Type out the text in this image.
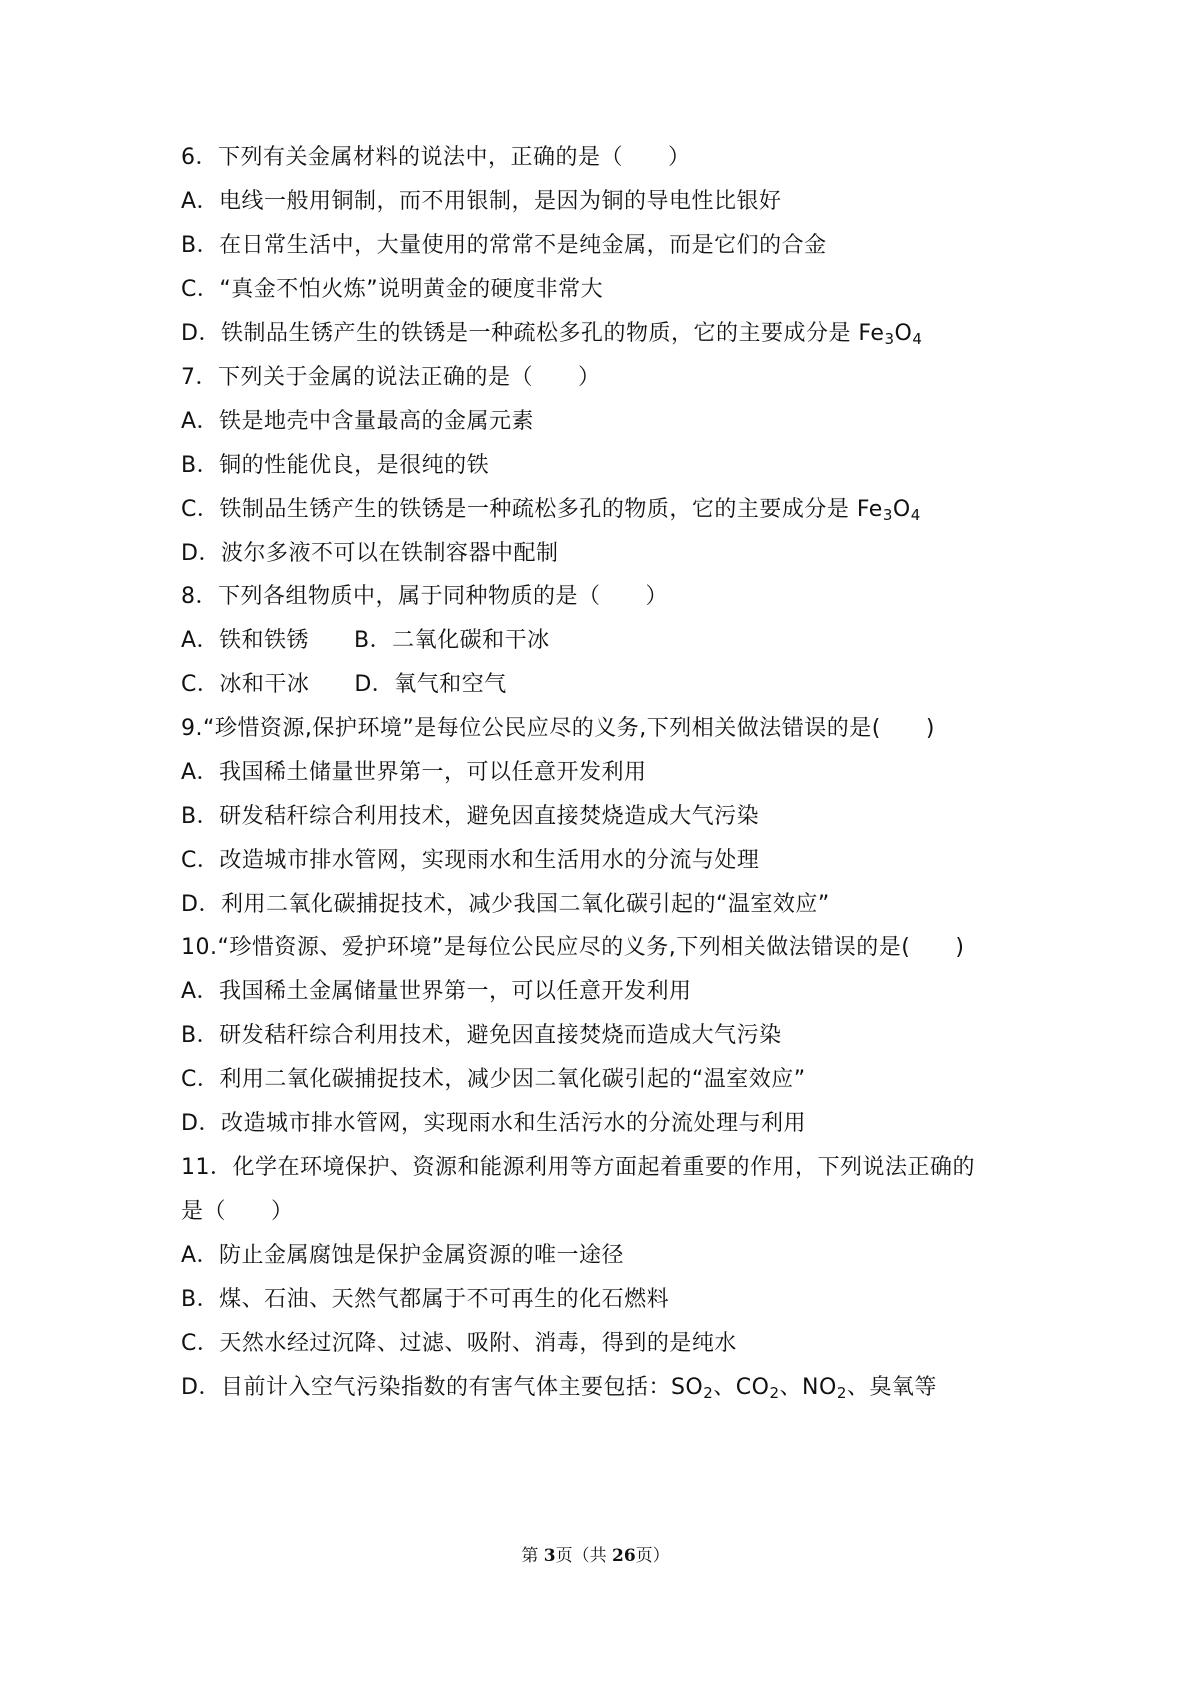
6．下列有关金属材料的说法中，正确的是（　　）
A．电线一般用铜制，而不用银制，是因为铜的导电性比银好
B．在日常生活中，大量使用的常常不是纯金属，而是它们的合金
C．“真金不怕火炼”说明黄金的硬度非常大
D．铁制品生锈产生的铁锈是一种疏松多孔的物质，它的主要成分是 $Fe_3O_4$
7．下列关于金属的说法正确的是（　　）
A．铁是地壳中含量最高的金属元素
B．铜的性能优良，是很纯的铁
C．铁制品生锈产生的铁锈是一种疏松多孔的物质，它的主要成分是 $Fe_3O_4$
D．波尔多液不可以在铁制容器中配制
8．下列各组物质中，属于同种物质的是（　　）
A．铁和铁锈　　B．二氧化碳和干冰
C．冰和干冰　　D．氧气和空气
9.“珍惜资源,保护环境”是每位公民应尽的义务,下列相关做法错误的是(　　)
A．我国稀土储量世界第一，可以任意开发利用
B．研发秸秆综合利用技术，避免因直接焚烧造成大气污染
C．改造城市排水管网，实现雨水和生活用水的分流与处理
D．利用二氧化碳捕捉技术，减少我国二氧化碳引起的“温室效应”
10.“珍惜资源、爱护环境”是每位公民应尽的义务,下列相关做法错误的是(　　)
A．我国稀土金属储量世界第一，可以任意开发利用
B．研发秸秆综合利用技术，避免因直接焚烧而造成大气污染
C．利用二氧化碳捕捉技术，减少因二氧化碳引起的“温室效应”
D．改造城市排水管网，实现雨水和生活污水的分流处理与利用
11．化学在环境保护、资源和能源利用等方面起着重要的作用，下列说法正确的
是（　　）
A．防止金属腐蚀是保护金属资源的唯一途径
B．煤、石油、天然气都属于不可再生的化石燃料
C．天然水经过沉降、过滤、吸附、消毒，得到的是纯水
D．目前计入空气污染指数的有害气体主要包括：$SO_2$、$CO_2$、$NO_2$、臭氧等
第 3页（共 26页）
